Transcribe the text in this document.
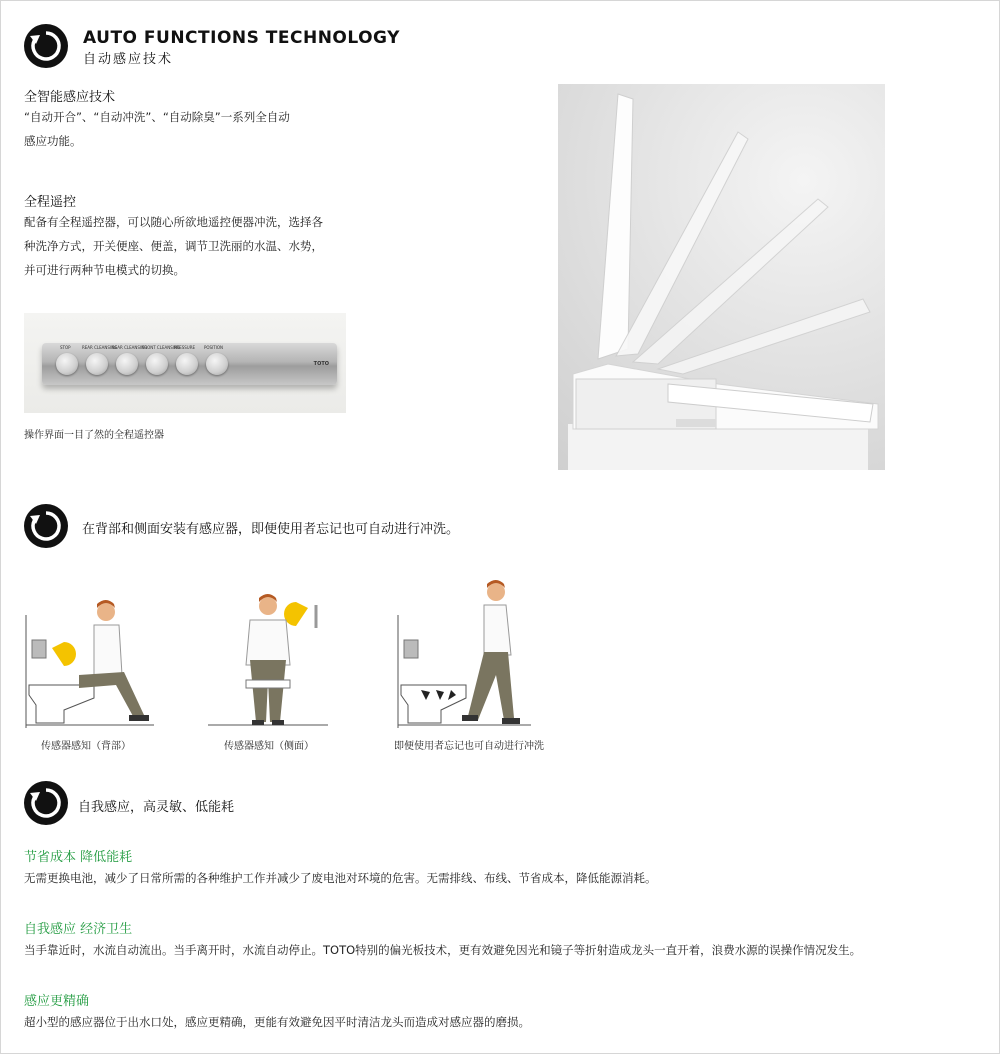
AUTO FUNCTIONS TECHNOLOGY
自动感应技术
全智能感应技术
“自动开合”、“自动冲洗”、“自动除臭”一系列全自动
感应功能。
全程遥控
配备有全程遥控器，可以随心所欲地遥控便器冲洗，选择各
种洗净方式，开关便座、便盖，调节卫洗丽的水温、水势，
并可进行两种节电模式的切换。
STOP	REAR CLEANSING
REAR CLEANSING
FRONT CLEANSING
PRESSURE POSITION
TOTO
操作界面一目了然的全程遥控器
在背部和侧面安装有感应器，即便使用者忘记也可自动进行冲洗。
传感器感知（背部）	传感器感知（侧面）	即便使用者忘记也可自动进行冲洗
自我感应，高灵敏、低能耗
节省成本 降低能耗
无需更换电池，减少了日常所需的各种维护工作并减少了废电池对环境的危害。无需排线、布线、节省成本，降低能源消耗。
自我感应 经济卫生
当手靠近时，水流自动流出。当手离开时，水流自动停止。TOTO特别的偏光板技术，更有效避免因光和镜子等折射造成龙头一直开着，浪费水源的误操作情况发生。
感应更精确
超小型的感应器位于出水口处，感应更精确，更能有效避免因平时清洁龙头而造成对感应器的磨损。
